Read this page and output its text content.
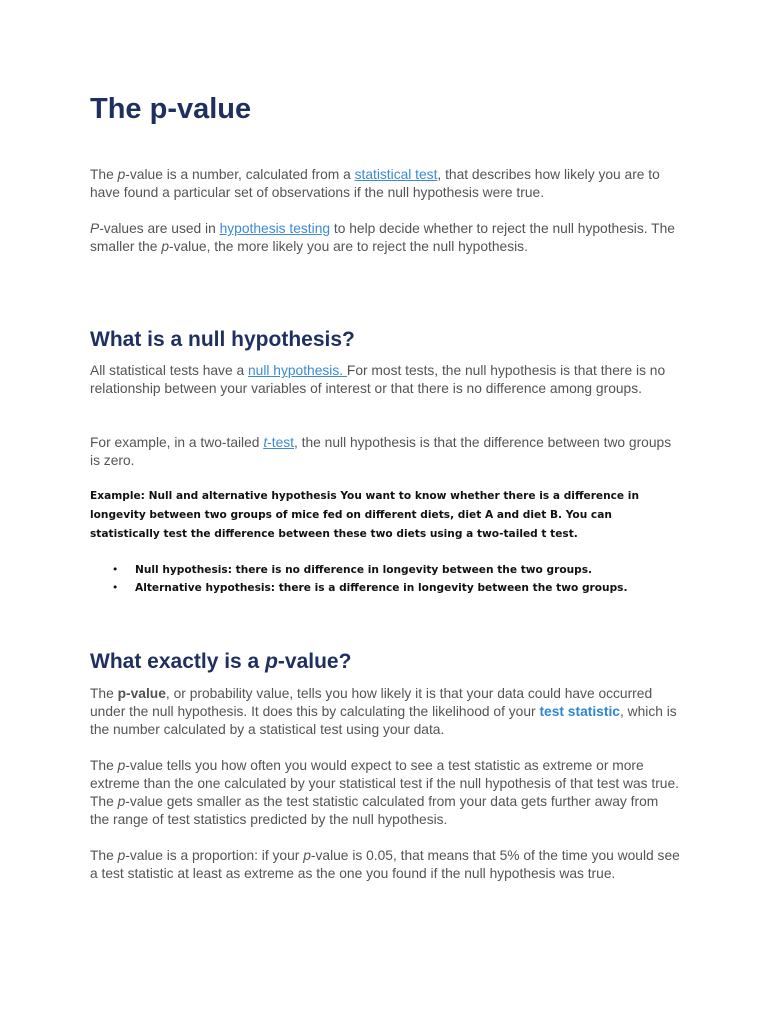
The p-value

The p-value is a number, calculated from a statistical test, that describes how likely you are to have found a particular set of observations if the null hypothesis were true.

P-values are used in hypothesis testing to help decide whether to reject the null hypothesis. The smaller the p-value, the more likely you are to reject the null hypothesis.

What is a null hypothesis?

All statistical tests have a null hypothesis. For most tests, the null hypothesis is that there is no relationship between your variables of interest or that there is no difference among groups.

For example, in a two-tailed t-test, the null hypothesis is that the difference between two groups is zero.

Example: Null and alternative hypothesis You want to know whether there is a difference in longevity between two groups of mice fed on different diets, diet A and diet B. You can statistically test the difference between these two diets using a two-tailed t test.

• Null hypothesis: there is no difference in longevity between the two groups.
• Alternative hypothesis: there is a difference in longevity between the two groups.
What exactly is a p-value?

The p-value, or probability value, tells you how likely it is that your data could have occurred under the null hypothesis. It does this by calculating the likelihood of your test statistic, which is the number calculated by a statistical test using your data.

The p-value tells you how often you would expect to see a test statistic as extreme or more extreme than the one calculated by your statistical test if the null hypothesis of that test was true. The p-value gets smaller as the test statistic calculated from your data gets further away from the range of test statistics predicted by the null hypothesis.

The p-value is a proportion: if your p-value is 0.05, that means that 5% of the time you would see a test statistic at least as extreme as the one you found if the null hypothesis was true.
